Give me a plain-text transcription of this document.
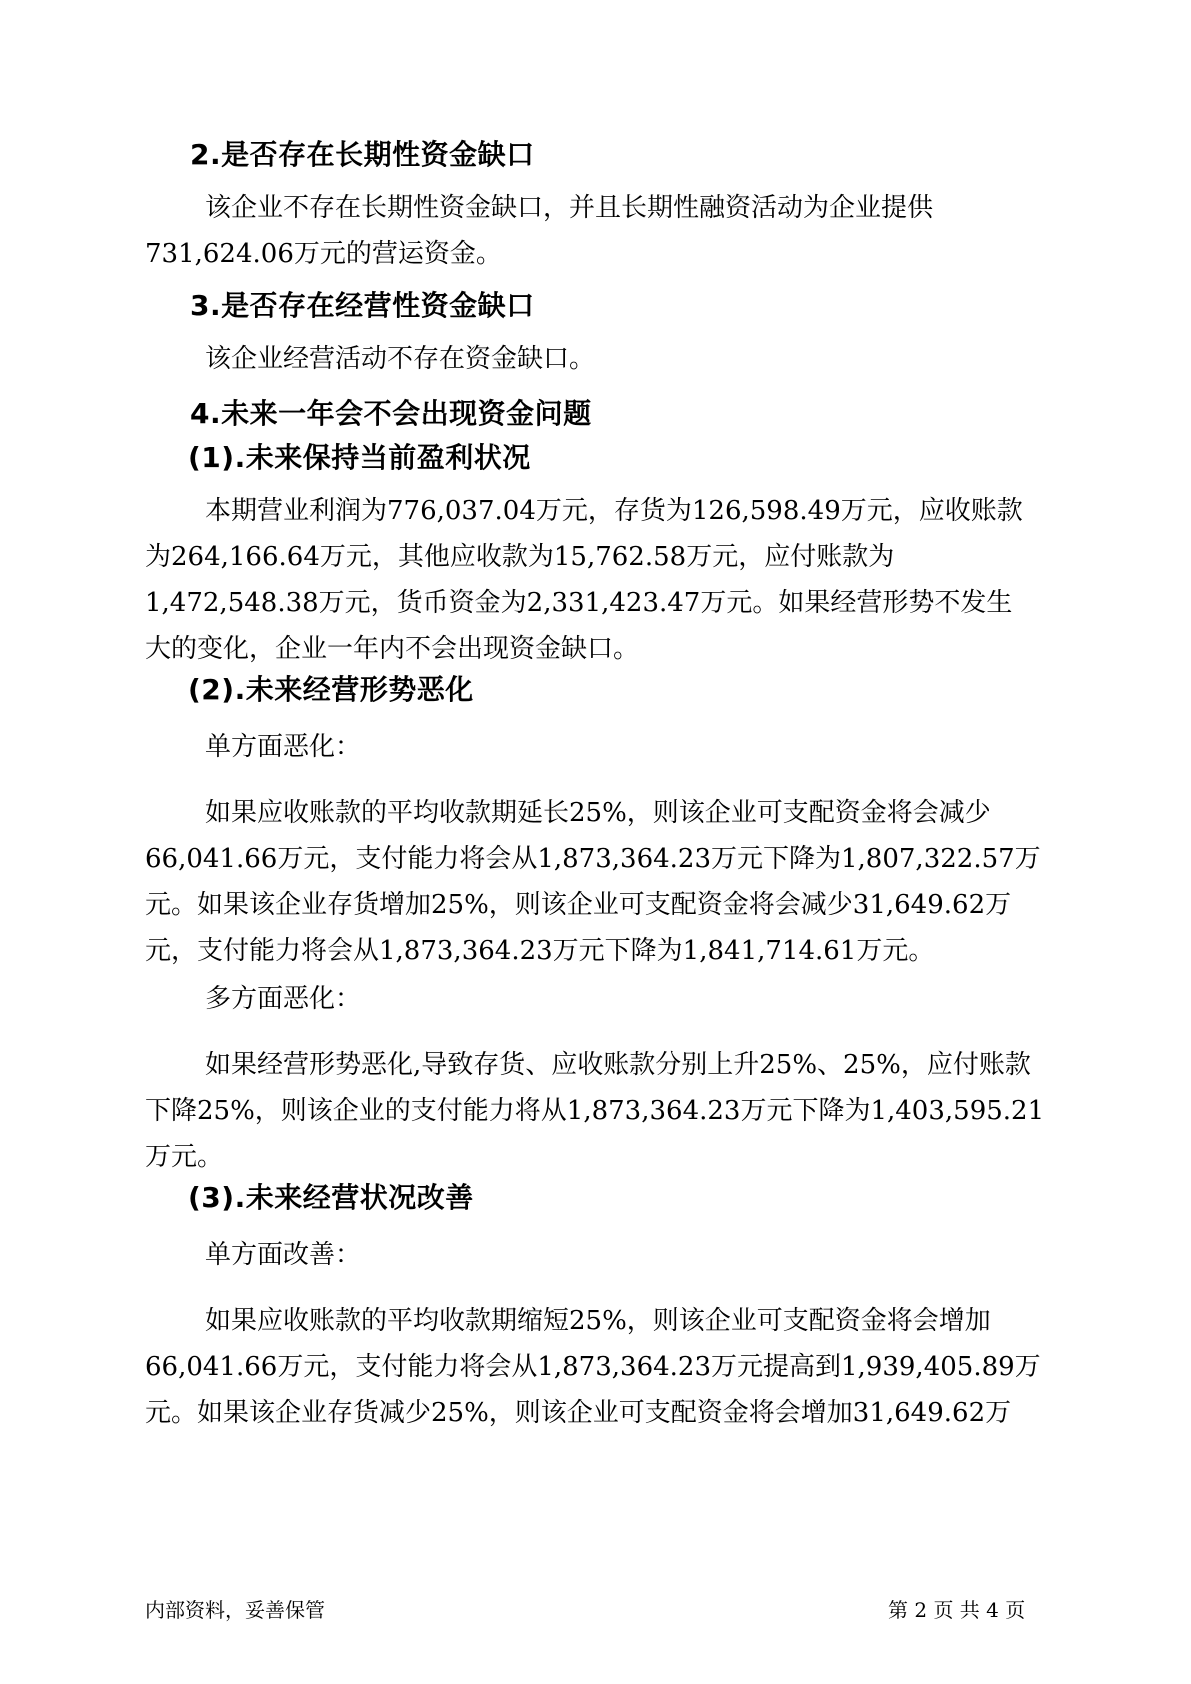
2.是否存在长期性资金缺口
该企业不存在长期性资金缺口，并且长期性融资活动为企业提供
731,624.06万元的营运资金。
3.是否存在经营性资金缺口
该企业经营活动不存在资金缺口。
4.未来一年会不会出现资金问题
(1).未来保持当前盈利状况
本期营业利润为776,037.04万元，存货为126,598.49万元，应收账款
为264,166.64万元，其他应收款为15,762.58万元，应付账款为
1,472,548.38万元，货币资金为2,331,423.47万元。如果经营形势不发生
大的变化，企业一年内不会出现资金缺口。
(2).未来经营形势恶化
单方面恶化：
如果应收账款的平均收款期延长25%，则该企业可支配资金将会减少
66,041.66万元，支付能力将会从1,873,364.23万元下降为1,807,322.57万
元。如果该企业存货增加25%，则该企业可支配资金将会减少31,649.62万
元，支付能力将会从1,873,364.23万元下降为1,841,714.61万元。
多方面恶化：
如果经营形势恶化,导致存货、应收账款分别上升25%、25%，应付账款
下降25%，则该企业的支付能力将从1,873,364.23万元下降为1,403,595.21
万元。
(3).未来经营状况改善
单方面改善：
如果应收账款的平均收款期缩短25%，则该企业可支配资金将会增加
66,041.66万元，支付能力将会从1,873,364.23万元提高到1,939,405.89万
元。如果该企业存货减少25%，则该企业可支配资金将会增加31,649.62万
内部资料，妥善保管	第 2 页 共 4 页
